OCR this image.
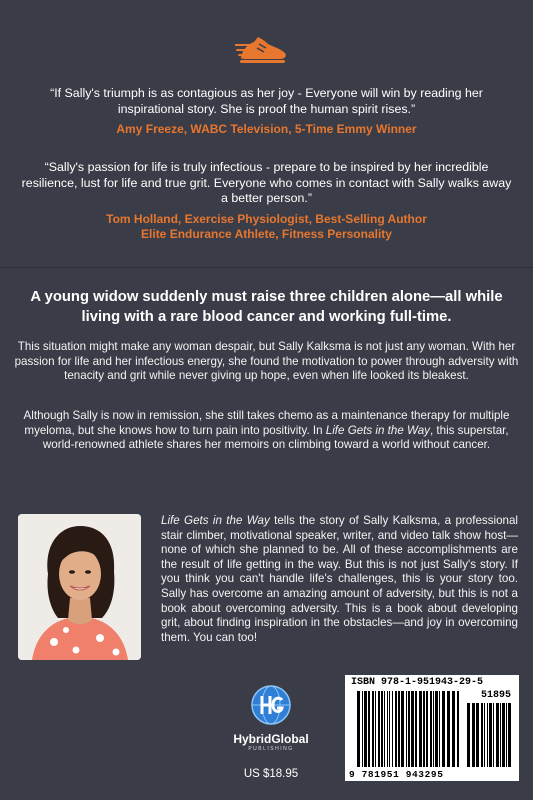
“If Sally's triumph is as contagious as her joy - Everyone will win by reading her inspirational story. She is proof the human spirit rises.”
Amy Freeze, WABC Television, 5-Time Emmy Winner
“Sally's passion for life is truly infectious - prepare to be inspired by her incredible resilience, lust for life and true grit. Everyone who comes in contact with Sally walks away a better person.”
Tom Holland, Exercise Physiologist, Best-Selling Author
Elite Endurance Athlete, Fitness Personality
A young widow suddenly must raise three children alone—all while living with a rare blood cancer and working full-time.
This situation might make any woman despair, but Sally Kalksma is not just any woman. With her passion for life and her infectious energy, she found the motivation to power through adversity with tenacity and grit while never giving up hope, even when life looked its bleakest.
Although Sally is now in remission, she still takes chemo as a maintenance therapy for multiple myeloma, but she knows how to turn pain into positivity. In Life Gets in the Way, this superstar, world-renowned athlete shares her memoirs on climbing toward a world without cancer.
Life Gets in the Way tells the story of Sally Kalksma, a professional stair climber, motivational speaker, writer, and video talk show host—none of which she planned to be. All of these accomplishments are the result of life getting in the way. But this is not just Sally's story. If you think you can't handle life's challenges, this is your story too. Sally has overcome an amazing amount of adversity, but this is not a book about overcoming adversity. This is a book about developing grit, about finding inspiration in the obstacles—and joy in overcoming them. You can too!
HybridGlobal
PUBLISHING
US $18.95
ISBN 978-1-951943-29-5
51895
9 781951 943295
